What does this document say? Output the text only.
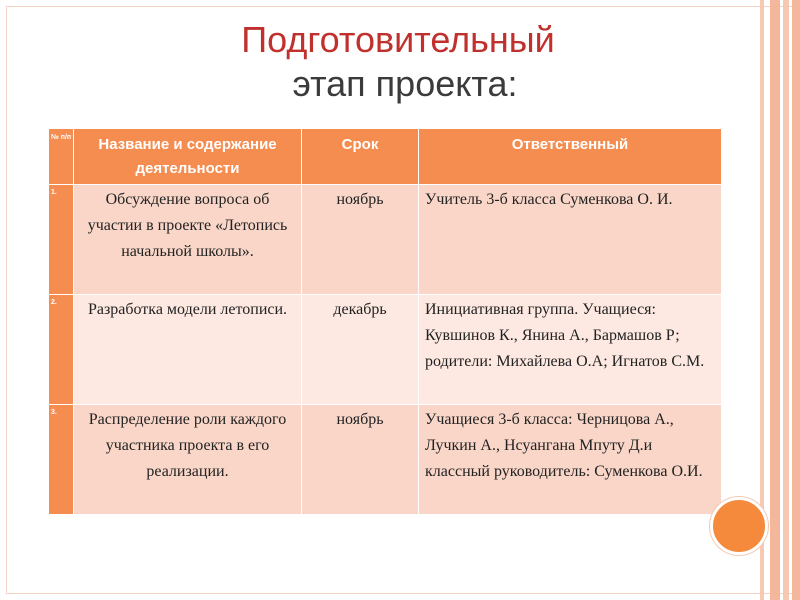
Подготовительный
этап проекта:
№ п/п	Название и содержание деятельности	Срок	Ответственный

1.	Обсуждение вопроса об участии в проекте «Летопись начальной школы».	ноябрь	Учитель 3-б класса Суменкова О. И.

2.	Разработка модели летописи.	декабрь	Инициативная группа. Учащиеся: Кувшинов К., Янина А., Бармашов Р; родители: Михайлева О.А; Игнатов С.М.

3.	Распределение роли каждого участника проекта в его реализации.	ноябрь	Учащиеся 3-б класса: Черницова А., Лучкин А., Нсуангана Мпуту Д.и классный руководитель: Суменкова О.И.
